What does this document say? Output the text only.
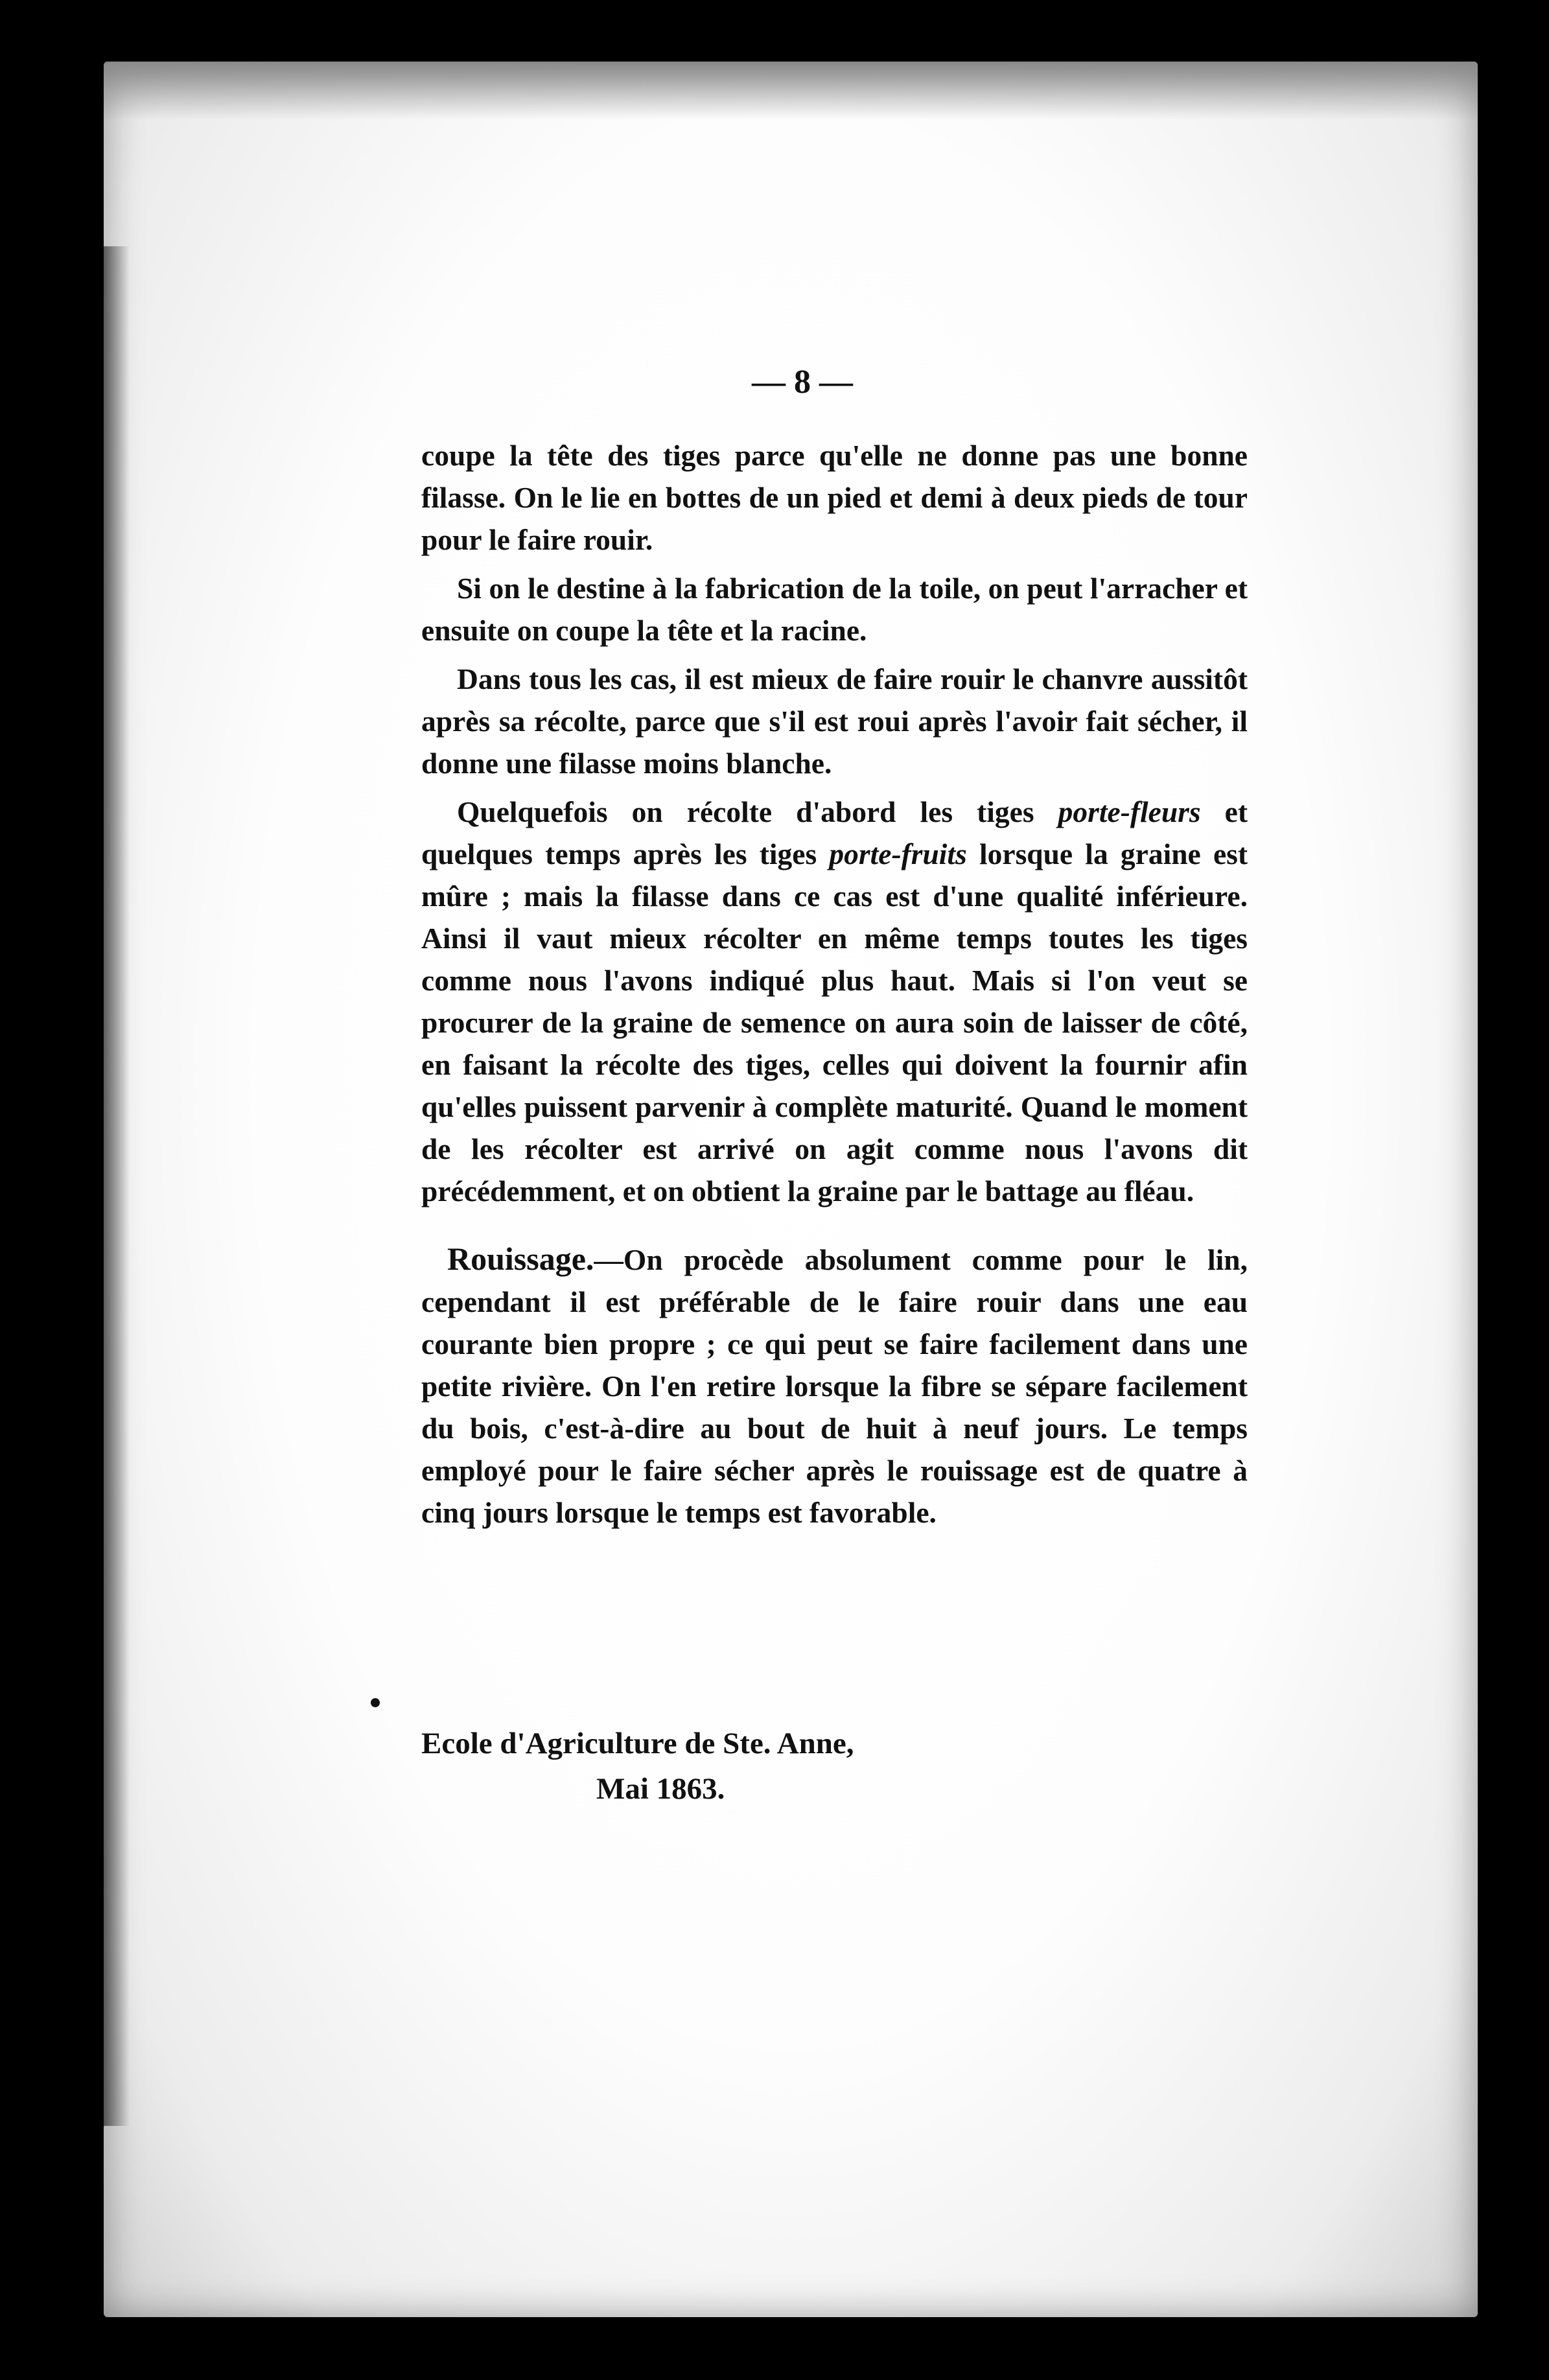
— 8 —

coupe la tête des tiges parce qu'elle ne donne pas une bonne filasse. On le lie en bottes de un pied et demi à deux pieds de tour pour le faire rouir.

Si on le destine à la fabrication de la toile, on peut l'arracher et ensuite on coupe la tête et la racine.

Dans tous les cas, il est mieux de faire rouir le chanvre aussitôt après sa récolte, parce que s'il est roui après l'avoir fait sécher, il donne une filasse moins blanche.

Quelquefois on récolte d'abord les tiges porte-fleurs et quelques temps après les tiges porte-fruits lorsque la graine est mûre ; mais la filasse dans ce cas est d'une qualité inférieure. Ainsi il vaut mieux récolter en même temps toutes les tiges comme nous l'avons indiqué plus haut. Mais si l'on veut se procurer de la graine de semence on aura soin de laisser de côté, en faisant la récolte des tiges, celles qui doivent la fournir afin qu'elles puissent parvenir à complète maturité. Quand le moment de les récolter est arrivé on agit comme nous l'avons dit précédemment, et on obtient la graine par le battage au fléau.

Rouissage.—On procède absolument comme pour le lin, cependant il est préférable de le faire rouir dans une eau courante bien propre ; ce qui peut se faire facilement dans une petite rivière. On l'en retire lorsque la fibre se sépare facilement du bois, c'est-à-dire au bout de huit à neuf jours. Le temps employé pour le faire sécher après le rouissage est de quatre à cinq jours lorsque le temps est favorable.

Ecole d'Agriculture de Ste. Anne,
Mai 1863.
